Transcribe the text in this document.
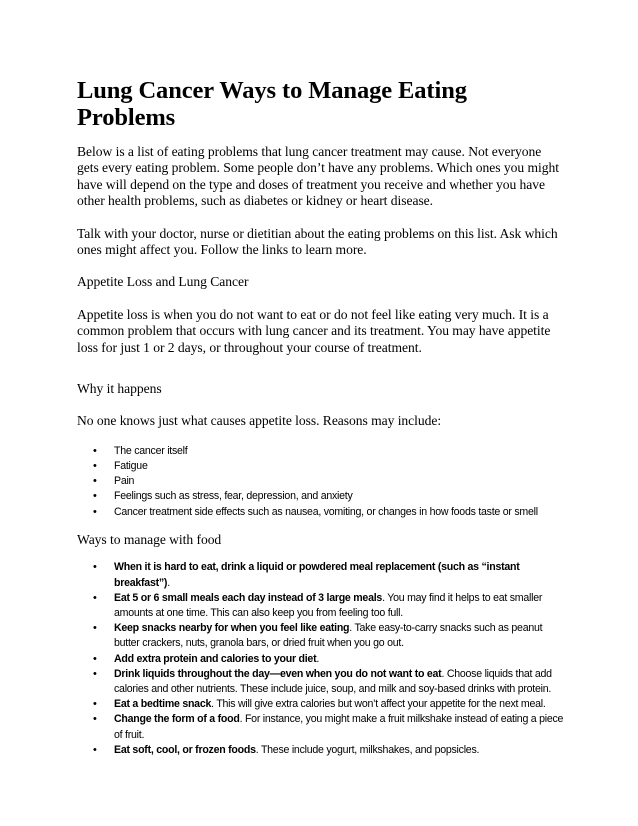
Lung Cancer Ways to Manage Eating Problems

Below is a list of eating problems that lung cancer treatment may cause. Not everyone gets every eating problem. Some people don’t have any problems. Which ones you might have will depend on the type and doses of treatment you receive and whether you have other health problems, such as diabetes or kidney or heart disease.

Talk with your doctor, nurse or dietitian about the eating problems on this list. Ask which ones might affect you. Follow the links to learn more.

Appetite Loss and Lung Cancer

Appetite loss is when you do not want to eat or do not feel like eating very much. It is a common problem that occurs with lung cancer and its treatment. You may have appetite loss for just 1 or 2 days, or throughout your course of treatment.

Why it happens

No one knows just what causes appetite loss. Reasons may include:

• The cancer itself
• Fatigue
• Pain
• Feelings such as stress, fear, depression, and anxiety
• Cancer treatment side effects such as nausea, vomiting, or changes in how foods taste or smell

Ways to manage with food

• When it is hard to eat, drink a liquid or powdered meal replacement (such as “instant breakfast”).
• Eat 5 or 6 small meals each day instead of 3 large meals. You may find it helps to eat smaller amounts at one time. This can also keep you from feeling too full.
• Keep snacks nearby for when you feel like eating. Take easy-to-carry snacks such as peanut butter crackers, nuts, granola bars, or dried fruit when you go out.
• Add extra protein and calories to your diet.
• Drink liquids throughout the day—even when you do not want to eat. Choose liquids that add calories and other nutrients. These include juice, soup, and milk and soy-based drinks with protein.
• Eat a bedtime snack. This will give extra calories but won’t affect your appetite for the next meal.
• Change the form of a food. For instance, you might make a fruit milkshake instead of eating a piece of fruit.
• Eat soft, cool, or frozen foods. These include yogurt, milkshakes, and popsicles.
